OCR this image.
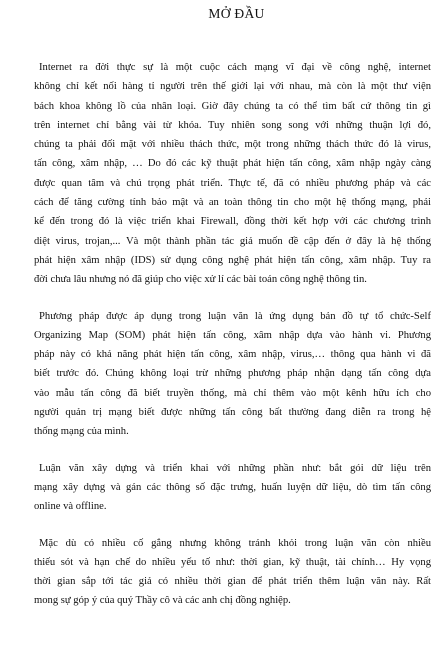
MỞ ĐẦU
Internet ra đời thực sự là một cuộc cách mạng vĩ đại về công nghệ, internet
không chỉ kết nối hàng tỉ người trên thế giới lại với nhau, mà còn là một thư viện
bách khoa không lồ của nhân loại. Giờ đây chúng ta có thể tìm bất cứ thông tin gì
trên internet chỉ bằng vài từ khóa. Tuy nhiên song song với những thuận lợi đó,
chúng ta phải đối mặt với nhiều thách thức, một trong những thách thức đó là virus,
tấn công, xâm nhập, … Do đó các kỹ thuật phát hiện tấn công, xâm nhập ngày càng
được quan tâm và chú trọng phát triển. Thực tế, đã có nhiều phương pháp và các
cách để tăng cường tính bảo mật và an toàn thông tin cho một hệ thống mạng, phải
kể đến trong đó là việc triển khai Firewall, đồng thời kết hợp với các chương trình
diệt virus, trojan,... Và một thành phần tác giả muốn đề cập đến ở đây là hệ thống
phát hiện xâm nhập (IDS) sử dụng công nghệ phát hiện tấn công, xâm nhập. Tuy ra
đời chưa lâu nhưng nó đã giúp cho việc xử lí các bài toán công nghệ thông tin.
Phương pháp được áp dụng trong luận văn là ứng dụng bản đồ tự tổ chức-Self
Organizing Map (SOM) phát hiện tấn công, xâm nhập dựa vào hành vi. Phương
pháp này có khả năng phát hiện tấn công, xâm nhập, virus,… thông qua hành vi đã
biết trước đó. Chúng không loại trừ những phương pháp nhận dạng tấn công dựa
vào mẫu tấn công đã biết truyền thống, mà chỉ thêm vào một kênh hữu ích cho
người quản trị mạng biết được những tấn công bất thường đang diễn ra trong hệ
thống mạng của mình.
Luận văn xây dựng và triển khai với những phần như: bắt gói dữ liệu trên
mạng xây dựng và gán các thông số đặc trưng, huấn luyện dữ liệu, dò tìm tấn công
online và offline.
Mặc dù có nhiều cố gắng nhưng không tránh khỏi trong luận văn còn nhiều
thiếu sót và hạn chế do nhiều yếu tố như: thời gian, kỹ thuật, tài chính… Hy vọng
thời gian sắp tới tác giả có nhiều thời gian để phát triển thêm luận văn này. Rất
mong sự góp ý của quý Thầy cô và các anh chị đồng nghiệp.
